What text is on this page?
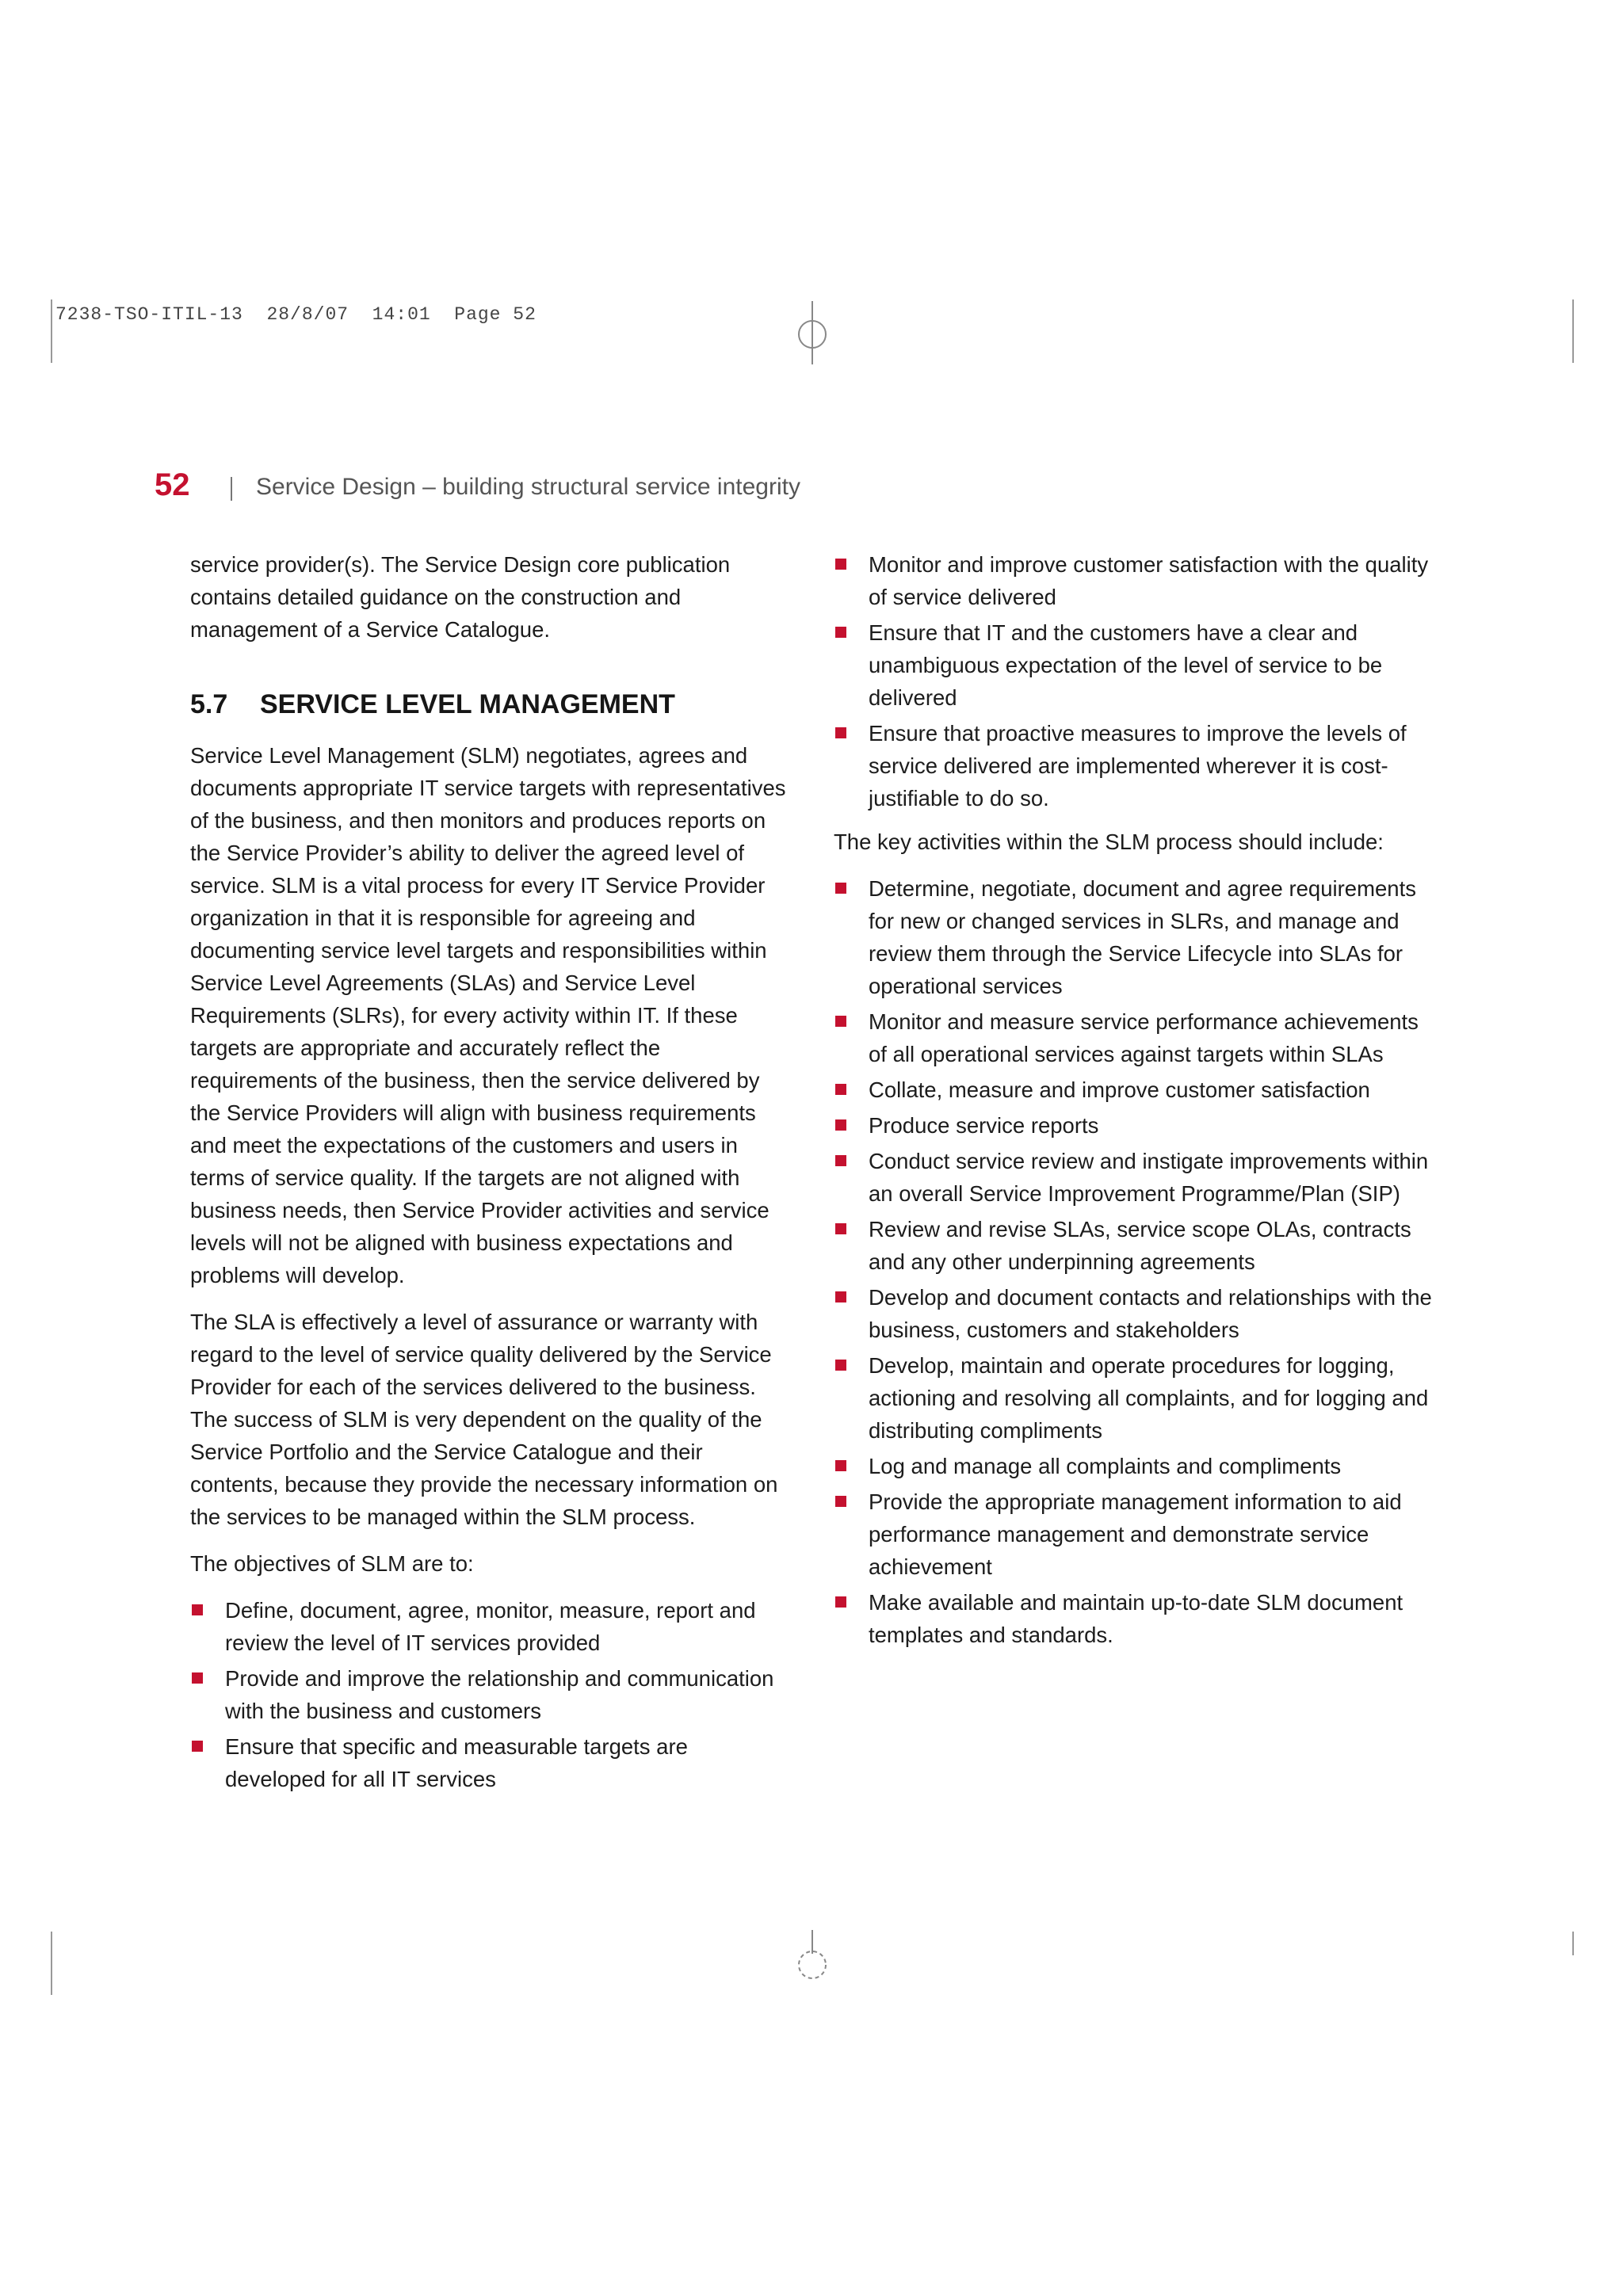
7238-TSO-ITIL-13  28/8/07  14:01  Page 52
52	Service Design – building structural service integrity

service provider(s). The Service Design core publication contains detailed guidance on the construction and management of a Service Catalogue.

5.7 SERVICE LEVEL MANAGEMENT

Service Level Management (SLM) negotiates, agrees and documents appropriate IT service targets with representatives of the business, and then monitors and produces reports on the Service Provider’s ability to deliver the agreed level of service. SLM is a vital process for every IT Service Provider organization in that it is responsible for agreeing and documenting service level targets and responsibilities within Service Level Agreements (SLAs) and Service Level Requirements (SLRs), for every activity within IT. If these targets are appropriate and accurately reflect the requirements of the business, then the service delivered by the Service Providers will align with business requirements and meet the expectations of the customers and users in terms of service quality. If the targets are not aligned with business needs, then Service Provider activities and service levels will not be aligned with business expectations and problems will develop.

The SLA is effectively a level of assurance or warranty with regard to the level of service quality delivered by the Service Provider for each of the services delivered to the business. The success of SLM is very dependent on the quality of the Service Portfolio and the Service Catalogue and their contents, because they provide the necessary information on the services to be managed within the SLM process.

The objectives of SLM are to:

Define, document, agree, monitor, measure, report and review the level of IT services provided
Provide and improve the relationship and communication with the business and customers
Ensure that specific and measurable targets are developed for all IT services
Monitor and improve customer satisfaction with the quality of service delivered
Ensure that IT and the customers have a clear and unambiguous expectation of the level of service to be delivered
Ensure that proactive measures to improve the levels of service delivered are implemented wherever it is cost-justifiable to do so.

The key activities within the SLM process should include:

Determine, negotiate, document and agree requirements for new or changed services in SLRs, and manage and review them through the Service Lifecycle into SLAs for operational services
Monitor and measure service performance achievements of all operational services against targets within SLAs
Collate, measure and improve customer satisfaction
Produce service reports
Conduct service review and instigate improvements within an overall Service Improvement Programme/Plan (SIP)
Review and revise SLAs, service scope OLAs, contracts and any other underpinning agreements
Develop and document contacts and relationships with the business, customers and stakeholders
Develop, maintain and operate procedures for logging, actioning and resolving all complaints, and for logging and distributing compliments
Log and manage all complaints and compliments
Provide the appropriate management information to aid performance management and demonstrate service achievement
Make available and maintain up-to-date SLM document templates and standards.
